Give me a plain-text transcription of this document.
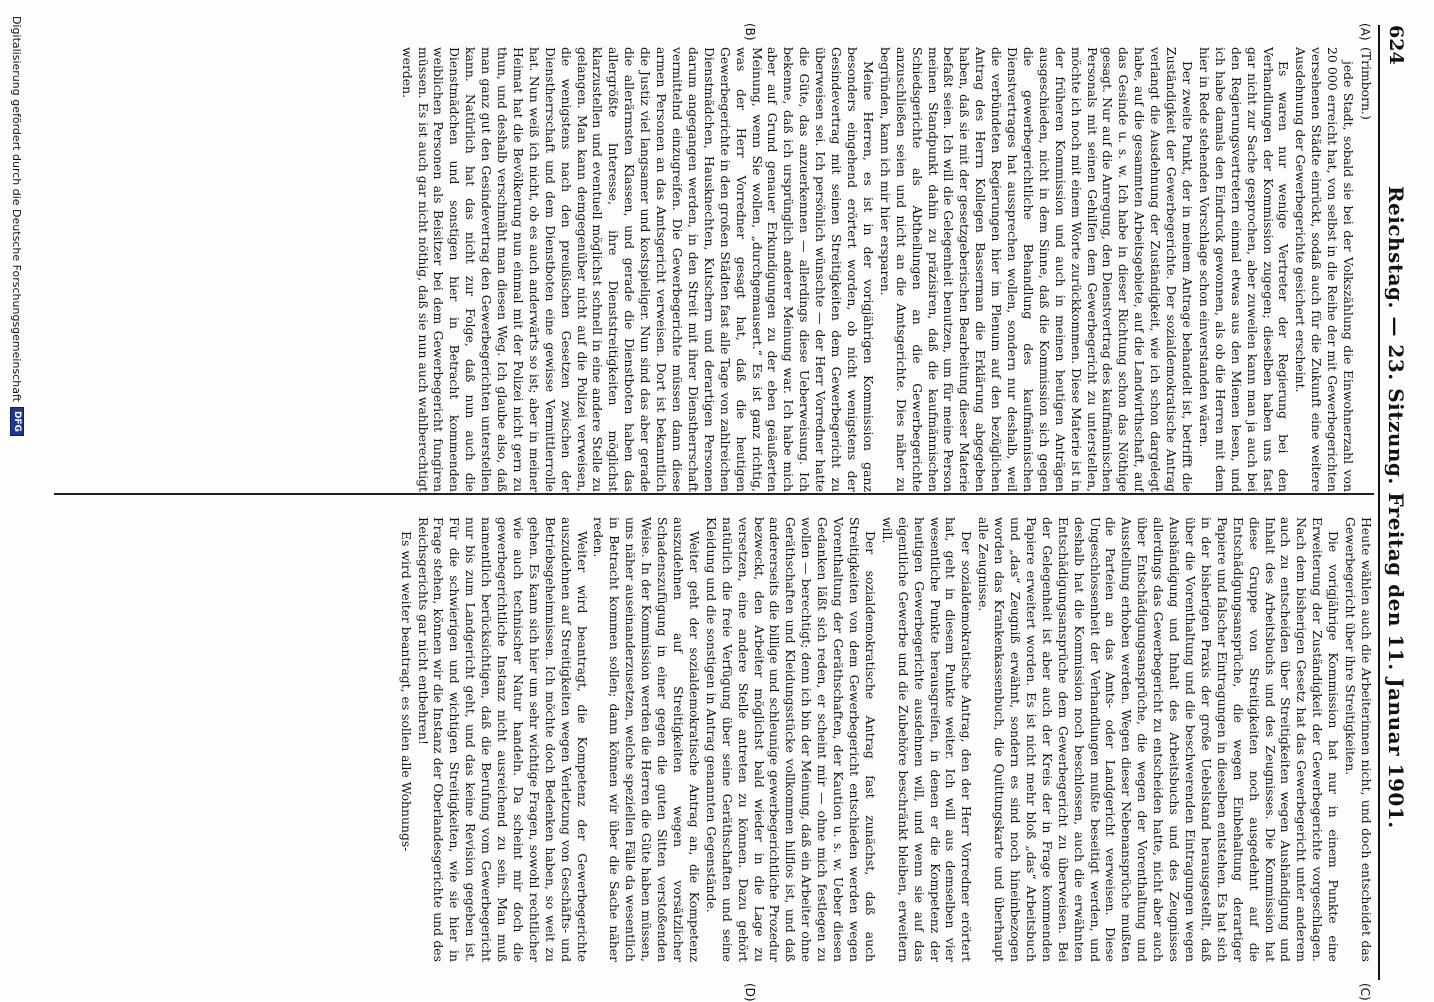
624
Reichstag. — 23. Sitzung. Freitag den 11. Januar 1901.
(A)
(B)
(C)
(D)

(Trimborn.)

jede Stadt, sobald sie bei der Volkszählung die Einwohnerzahl von 20 000 erreicht hat, von selbst in die Reihe der mit Gewerbegerichten versehenen Städte einrückt, sodaß auch für die Zukunft eine weitere Ausdehnung der Gewerbegerichte gesichert erscheint.

Es waren nur wenige Vertreter der Regierung bei den Verhandlungen der Kommission zugegen; dieselben haben uns fast gar nicht zur Sache gesprochen, aber zuweilen kann man ja auch bei den Regierungsvertretern einmal etwas aus den Mienen lesen, und ich habe damals den Eindruck gewonnen, als ob die Herren mit dem hier in Rede stehenden Vorschlage schon einverstanden wären.

Der zweite Punkt, der in meinem Antrage behandelt ist, betrifft die Zuständigkeit der Gewerbegerichte. Der sozialdemokratische Antrag verlangt die Ausdehnung der Zuständigkeit, wie ich schon dargelegt habe, auf die gesammten Arbeitsgebiete, auf die Landwirthschaft, auf das Gesinde u. s. w. Ich habe in dieser Richtung schon das Nöthige gesagt. Nur auf die Anregung, den Dienstvertrag des kaufmännischen Personals mit seinen Gehilfen dem Gewerbegericht zu unterstellen, möchte ich noch mit einem Worte zurückkommen. Diese Materie ist in der früheren Kommission und auch in meinen heutigen Anträgen ausgeschieden, nicht in dem Sinne, daß die Kommission sich gegen die gewerbegerichtliche Behandlung des kaufmännischen Dienstvertrages hat aussprechen wollen, sondern nur deshalb, weil die verbündeten Regierungen hier im Plenum auf den bezüglichen Antrag des Herrn Kollegen Basserman die Erklärung abgegeben haben, daß sie mit der gesetzgeberischen Bearbeitung dieser Materie befaßt seien. Ich will die Gelegenheit benutzen, um für meine Person meinen Standpunkt dahin zu präzisiren, daß die kaufmännischen Schiedsgerichte als Abtheilungen an die Gewerbegerichte anzuschließen seien und nicht an die Amtsgerichte. Dies näher zu begründen, kann ich mir hier ersparen.

Meine Herren, es ist in der vorigjährigen Kommission ganz besonders eingehend erörtert worden, ob nicht wenigstens der Gesindevertrag mit seinen Streitigkeiten dem Gewerbegericht zu überweisen sei. Ich persönlich wünschte — der Herr Vorredner hatte die Güte, das anzuerkennen — allerdings diese Ueberweisung. Ich bekenne, daß ich ursprünglich anderer Meinung war. Ich habe mich aber auf Grund genauer Erkundigungen zu der eben geäußerten Meinung, wenn Sie wollen, „durchgemausert.“ Es ist ganz richtig, was der Herr Vorredner gesagt hat, daß die heutigen Gewerbegerichte in den großen Städten fast alle Tage von zahlreichen Dienstmädchen, Hausknechten, Kutschern und derartigen Personen darum angegangen werden, in den Streit mit ihrer Dienstherrschaft vermittelnd einzugreifen. Die Gewerbegerichte müssen dann diese armen Personen an das Amtsgericht verweisen. Dort ist bekanntlich die Justiz viel langsamer und kostspieliger. Nun sind das aber gerade die allerärmsten Klassen, und gerade die Dienstboten haben das allergrößte Interesse, ihre Dienststreitigkeiten möglichst klarzustellen und eventuell möglichst schnell in eine andere Stelle zu gelangen. Man kann demgegenüber nicht auf die Polizei verweisen, die wenigstens nach den preußischen Gesetzen zwischen der Dienstherrschaft und dem Dienstboten eine gewisse Vermittlerrolle hat. Nun weiß ich nicht, ob es auch anderwärts so ist; aber in meiner Heimat hat die Bevölkerung nun einmal mit der Polizei nicht gern zu thun, und deshalb verschmäht man diesen Weg. Ich glaube also, daß man ganz gut den Gesindevertrag den Gewerbegerichten unterstellen kann. Natürlich hat das nicht zur Folge, daß nun auch die Dienstmädchen und sonstigen hier in Betracht kommenden weiblichen Personen als Beisitzer bei dem Gewerbegericht fungiren müssen. Es ist auch gar nicht nöthig, daß sie nun auch wahlberechtigt werden.

Heute wählen auch die Arbeiterinnen nicht, und doch entscheidet das Gewerbegericht über ihre Streitigkeiten.

Die vorigjährige Kommission hat nur in einem Punkte eine Erweiterung der Zuständigkeit der Gewerbegerichte vorgeschlagen. Nach dem bisherigen Gesetz hat das Gewerbegericht unter anderem auch zu entscheiden über Streitigkeiten wegen Aushändigung und Inhalt des Arbeitsbuchs und des Zeugnisses. Die Kommission hat diese Gruppe von Streitigkeiten noch ausgedehnt auf die Entschädigungsansprüche, die wegen Einbehaltung derartiger Papiere und falscher Eintragungen in dieselben entstehen. Es hat sich in der bisherigen Praxis der große Uebelstand herausgestellt, daß über die Vorenthaltung und die beschwerenden Eintragungen wegen Aushändigung und Inhalt des Arbeitsbuchs und des Zeugnisses allerdings das Gewerbegericht zu entscheiden hatte, nicht aber auch über Entschädigungsansprüche, die wegen der Vorenthaltung und Ausstellung erhoben werden. Wegen dieser Nebenansprüche mußten die Parteien an das Amts- oder Landgericht verweisen. Diese Ungeschlossenheit der Verhandlungen mußte beseitigt werden, und deshalb hat die Kommission noch beschlossen, auch die erwähnten Entschädigungsansprüche dem Gewerbegericht zu überweisen. Bei der Gelegenheit ist aber auch der Kreis der in Frage kommenden Papiere erweitert worden. Es ist nicht mehr bloß „das“ Arbeitsbuch und „das“ Zeugniß erwähnt, sondern es sind noch hineinbezogen worden das Krankenkassenbuch, die Quittungskarte und überhaupt alle Zeugnisse.

Der sozialdemokratische Antrag, den der Herr Vorredner erörtert hat, geht in diesem Punkte weiter. Ich will aus demselben vier wesentliche Punkte herausgreifen, in denen er die Kompetenz der heutigen Gewerbegerichte ausdehnen will, und wenn sie auf das eigentliche Gewerbe und die Zubehöre beschränkt bleiben, erweitern will.

Der sozialdemokratische Antrag fast zunächst, daß auch Streitigkeiten von dem Gewerbegericht entschieden werden wegen Vorenthaltung der Geräthschaften, der Kaution u. s. w. Ueber diesen Gedanken läßt sich reden, er scheint mir — ohne mich festlegen zu wollen — berechtigt; denn ich bin der Meinung, daß ein Arbeiter ohne Geräthschaften und Kleidungsstücke vollkommen hilflos ist, und daß andererseits die billige und schleunige gewerbegerichtliche Prozedur bezweckt, den Arbeiter möglichst bald wieder in die Lage zu versetzen, eine andere Stelle antreten zu können. Dazu gehört natürlich die freie Verfügung über seine Geräthschaften und seine Kleidung und die sonstigen in Antrag genannten Gegenstände.

Weiter geht der sozialdemokratische Antrag an, die Kompetenz auszudehnen auf Streitigkeiten wegen vorsätzlicher Schadenszufügung in einer gegen die guten Sitten verstoßenden Weise. In der Kommission werden die Herren die Güte haben müssen, uns näher auseinanderzusetzen, welche speziellen Fälle da wesentlich in Betracht kommen sollen; dann können wir über die Sache näher reden.

Weiter wird beantragt, die Kompetenz der Gewerbegerichte auszudehnen auf Streitigkeiten wegen Verletzung von Geschäfts- und Betriebsgeheimnissen. Ich möchte doch Bedenken haben, so weit zu gehen. Es kann sich hier um sehr wichtige Fragen, sowohl rechtlicher wie auch technischer Natur handeln. Da scheint mir doch die gewerbegerichtliche Instanz nicht ausreichend zu sein. Man muß namentlich berücksichtigen, daß die Berufung vom Gewerbegericht nur bis zum Landgericht geht, und das keine Revision gegeben ist. Für die schwierigen und wichtigen Streitigkeiten, wie sie hier in Frage stehen, können wir die Instanz der Oberlandesgerichte und des Reichsgerichts gar nicht entbehren!

Es wird weiter beantragt, es sollen alle Wohnungs-

Digitalisierung gefördert durch die Deutsche Forschungsgemeinschaft
DFG
